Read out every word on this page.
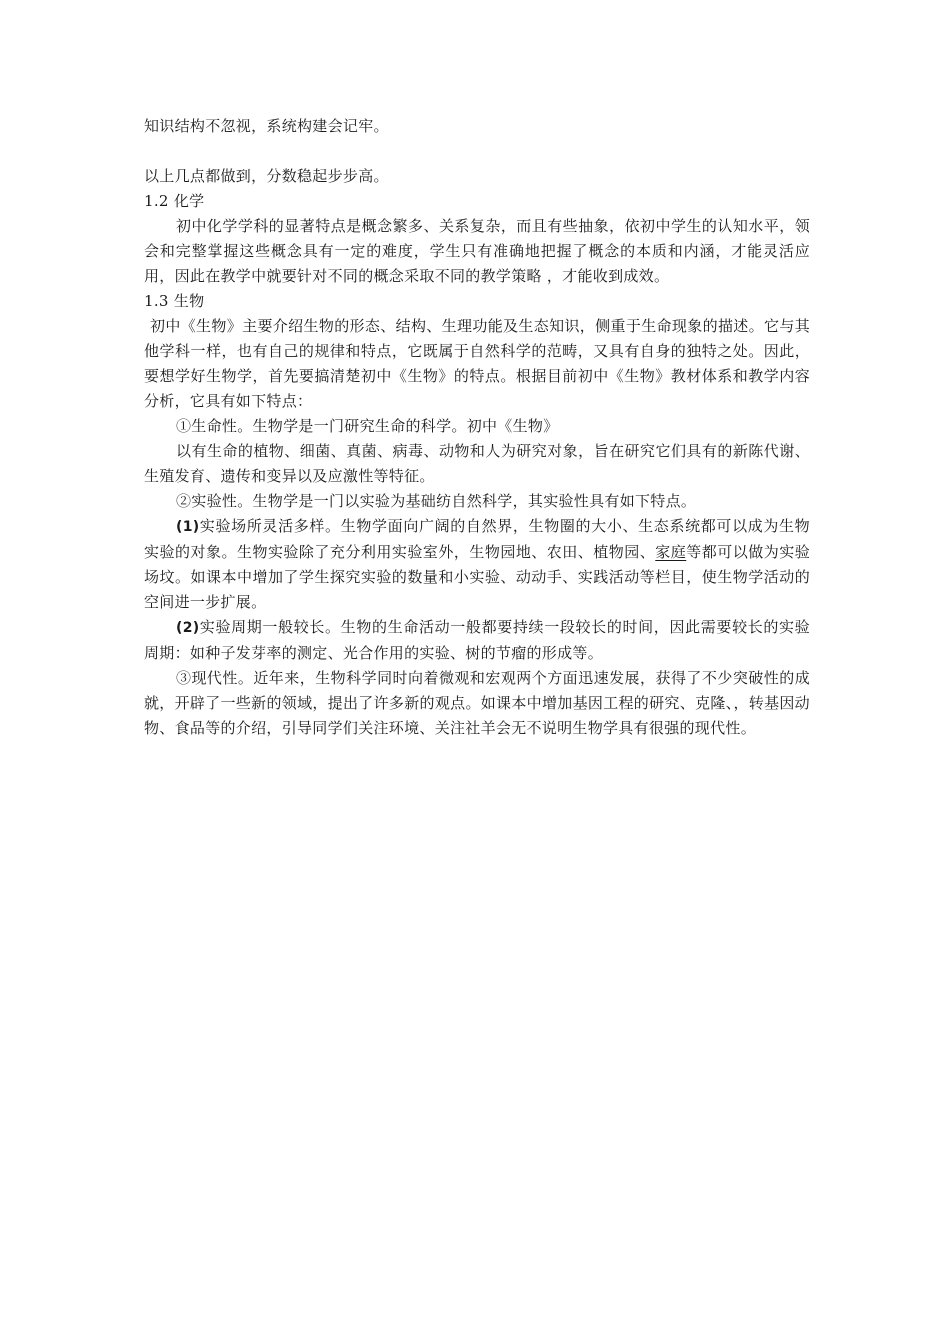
知识结构不忽视，系统构建会记牢。

以上几点都做到，分数稳起步步高。

1.2 化学

初中化学学科的显著特点是概念繁多、关系复杂，而且有些抽象，依初中学生的认知水平，领会和完整掌握这些概念具有一定的难度，学生只有准确地把握了概念的本质和内涵，才能灵活应用，因此在教学中就要针对不同的概念采取不同的教学策略 ，才能收到成效。

1.3 生物

初中《生物》主要介绍生物的形态、结构、生理功能及生态知识，侧重于生命现象的描述。它与其他学科一样，也有自己的规律和特点，它既属于自然科学的范畴，又具有自身的独特之处。因此，要想学好生物学，首先要搞清楚初中《生物》的特点。根据目前初中《生物》教材体系和教学内容分析，它具有如下特点：

①生命性。生物学是一门研究生命的科学。初中《生物》

以有生命的植物、细菌、真菌、病毒、动物和人为研究对象，旨在研究它们具有的新陈代谢、生殖发育、遗传和变异以及应激性等特征。

②实验性。生物学是一门以实验为基础纺自然科学，其实验性具有如下特点。

(1)实验场所灵活多样。生物学面向广阔的自然界，生物圈的大小、生态系统都可以成为生物实验的对象。生物实验除了充分利用实验室外，生物园地、农田、植物园、家庭等都可以做为实验场坟。如课本中增加了学生探究实验的数量和小实验、动动手、实践活动等栏目，使生物学活动的空间进一步扩展。

(2)实验周期一般较长。生物的生命活动一般都要持续一段较长的时间，因此需要较长的实验周期：如种子发芽率的测定、光合作用的实验、树的节瘤的形成等。

③现代性。近年来，生物科学同时向着微观和宏观两个方面迅速发展，获得了不少突破性的成就，开辟了一些新的领域，提出了许多新的观点。如课本中增加基因工程的研究、克隆、，转基因动物、食品等的介绍，引导同学们关注环境、关注社羊会无不说明生物学具有很强的现代性。
